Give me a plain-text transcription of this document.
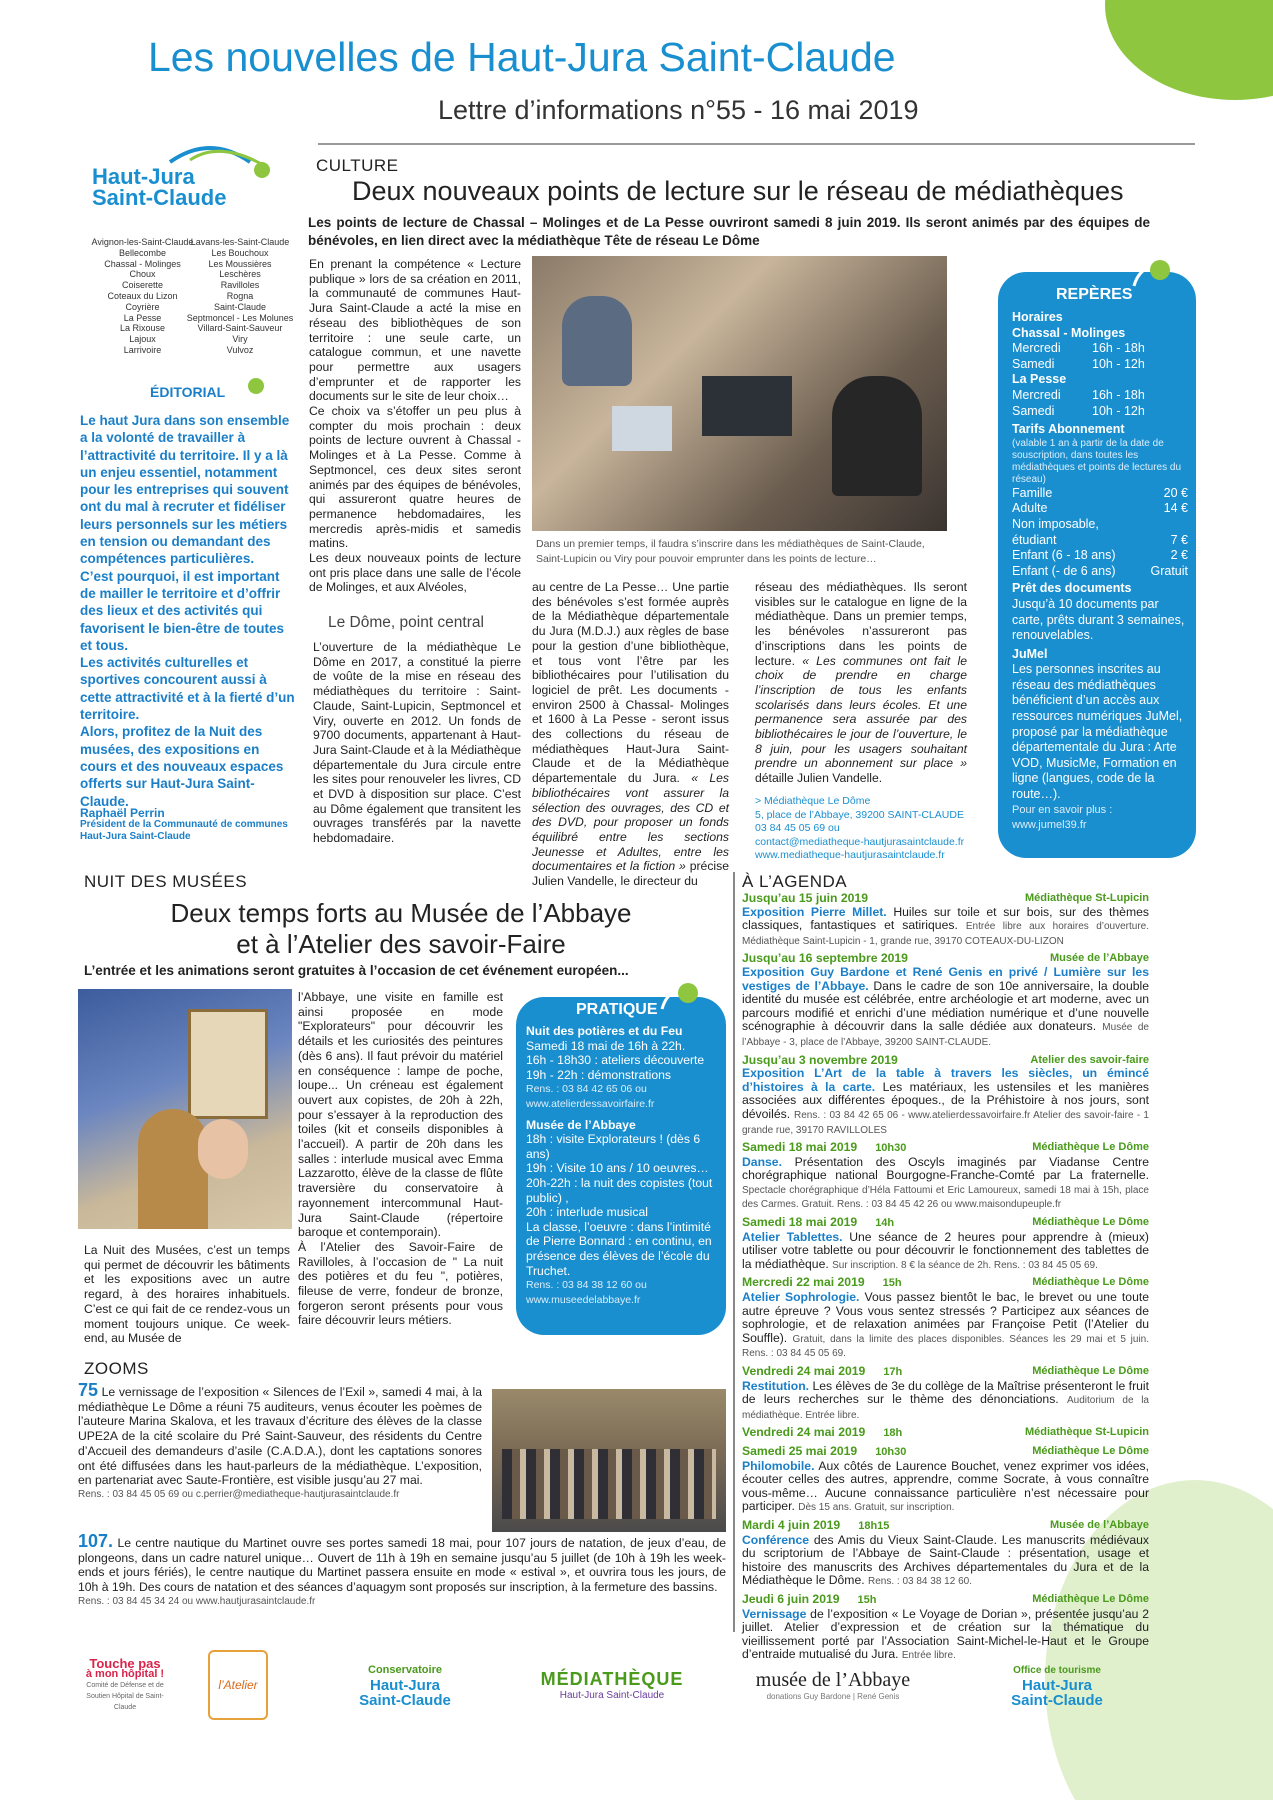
Les nouvelles de Haut-Jura Saint-Claude
Lettre d’informations n°55 - 16 mai 2019
Haut-Jura
Saint-Claude
Avignon-les-Saint-Claude
Bellecombe
Chassal - Molinges
Choux
Coiserette
Coteaux du Lizon
Coyrière
La Pesse
La Rixouse
Lajoux
Larrivoire
Lavans-les-Saint-Claude
Les Bouchoux
Les Moussières
Leschères
Ravilloles
Rogna
Saint-Claude
Septmoncel - Les Molunes
Villard-Saint-Sauveur
Viry
Vulvoz
ÉDITORIAL

Le haut Jura dans son ensemble a la volonté de travailler à l’attractivité du territoire. Il y a là un enjeu essentiel, notamment pour les entreprises qui souvent ont du mal à recruter et fidéliser leurs personnels sur les métiers en tension ou demandant des compétences particulières.

C’est pourquoi, il est important de mailler le territoire et d’offrir des lieux et des activités qui favorisent le bien-être de toutes et tous.

Les activités culturelles et sportives concourent aussi à cette attractivité et à la fierté d’un territoire.

Alors, profitez de la Nuit des musées, des expositions en cours et des nouveaux espaces offerts sur Haut-Jura Saint-Claude.

Raphaël Perrin
Président de la Communauté de communes Haut-Jura Saint-Claude
CULTURE
Deux nouveaux points de lecture sur le réseau de médiathèques
Les points de lecture de Chassal – Molinges et de La Pesse ouvriront samedi 8 juin 2019. Ils seront animés par des équipes de bénévoles, en lien direct avec la médiathèque Tête de réseau Le Dôme

En prenant la compétence « Lecture publique » lors de sa création en 2011, la communauté de communes Haut-Jura Saint-Claude a acté la mise en réseau des bibliothèques de son territoire : une seule carte, un catalogue commun, et une navette pour permettre aux usagers d’emprunter et de rapporter les documents sur le site de leur choix…

Ce choix va s’étoffer un peu plus à compter du mois prochain : deux points de lecture ouvrent à Chassal - Molinges et à La Pesse. Comme à Septmoncel, ces deux sites seront animés par des équipes de bénévoles, qui assureront quatre heures de permanence hebdomadaires, les mercredis après-midis et samedis matins.

Les deux nouveaux points de lecture ont pris place dans une salle de l’école de Molinges, et aux Alvéoles,

Le Dôme, point central
L’ouverture de la médiathèque Le Dôme en 2017, a constitué la pierre de voûte de la mise en réseau des médiathèques du territoire : Saint-Claude, Saint-Lupicin, Septmoncel et Viry, ouverte en 2012. Un fonds de 9700 documents, appartenant à Haut-Jura Saint-Claude et à la Médiathèque départementale du Jura circule entre les sites pour renouveler les livres, CD et DVD à disposition sur place. C’est au Dôme également que transitent les ouvrages transférés par la navette hebdomadaire.
Dans un premier temps, il faudra s’inscrire dans les médiathèques de Saint-Claude, Saint-Lupicin ou Viry pour pouvoir emprunter dans les points de lecture…
au centre de La Pesse… Une partie des bénévoles s’est formée auprès de la Médiathèque départementale du Jura (M.D.J.) aux règles de base pour la gestion d’une bibliothèque, et tous vont l’être par les bibliothécaires pour l’utilisation du logiciel de prêt. Les documents - environ 2500 à Chassal- Molinges et 1600 à La Pesse - seront issus des collections du réseau de médiathèques Haut-Jura Saint-Claude et de la Médiathèque départementale du Jura. « Les bibliothécaires vont assurer la sélection des ouvrages, des CD et des DVD, pour proposer un fonds équilibré entre les sections Jeunesse et Adultes, entre les documentaires et la fiction » précise Julien Vandelle, le directeur du
réseau des médiathèques. Ils seront visibles sur le catalogue en ligne de la médiathèque. Dans un premier temps, les bénévoles n’assureront pas d’inscriptions dans les points de lecture. « Les communes ont fait le choix de prendre en charge l’inscription de tous les enfants scolarisés dans leurs écoles. Et une permanence sera assurée par des bibliothécaires le jour de l’ouverture, le 8 juin, pour les usagers souhaitant prendre un abonnement sur place » détaille Julien Vandelle.
> Médiathèque Le Dôme
5, place de l’Abbaye, 39200 SAINT-CLAUDE
03 84 45 05 69 ou
contact@mediatheque-hautjurasaintclaude.fr
www.mediatheque-hautjurasaintclaude.fr
REPÈRES
Horaires
Chassal - Molinges
Mercredi	16h - 18h
Samedi	10h - 12h
La Pesse
Mercredi	16h - 18h
Samedi	10h - 12h
Tarifs Abonnement
(valable 1 an à partir de la date de souscription, dans toutes les médiathèques et points de lectures du réseau)
Famille	20 €
Adulte	14 €
Non imposable, étudiant	7 €
Enfant (6 - 18 ans)	2 €
Enfant (- de 6 ans)	Gratuit
Prêt des documents
Jusqu’à 10 documents par carte, prêts durant 3 semaines, renouvelables.
JuMel
Les personnes inscrites au réseau des médiathèques bénéficient d’un accès aux ressources numériques JuMel, proposé par la médiathèque départementale du Jura : Arte VOD, MusicMe, Formation en ligne (langues, code de la route…).
Pour en savoir plus :
www.jumel39.fr
NUIT DES MUSÉES
Deux temps forts au Musée de l’Abbaye
et à l’Atelier des savoir-Faire
L’entrée et les animations seront gratuites à l’occasion de cet événement européen...
La Nuit des Musées, c’est un temps qui permet de découvrir les bâtiments et les expositions avec un autre regard, à des horaires inhabituels. C’est ce qui fait de ce rendez-vous un moment toujours unique. Ce week-end, au Musée de

l’Abbaye, une visite en famille est ainsi proposée en mode "Explorateurs" pour découvrir les détails et les curiosités des peintures (dès 6 ans). Il faut prévoir du matériel en conséquence : lampe de poche, loupe... Un créneau est également ouvert aux copistes, de 20h à 22h, pour s’essayer à la reproduction des toiles (kit et conseils disponibles à l’accueil). A partir de 20h dans les salles : interlude musical avec Emma Lazzarotto, élève de la classe de flûte traversière du conservatoire à rayonnement intercommunal Haut-Jura Saint-Claude (répertoire baroque et contemporain).

À l’Atelier des Savoir-Faire de Ravilloles, à l’occasion de " La nuit des potières et du feu ", potières, fileuse de verre, fondeur de bronze, forgeron seront présents pour vous faire découvrir leurs métiers.

PRATIQUE
Nuit des potières et du Feu
Samedi 18 mai de 16h à 22h.
16h - 18h30 : ateliers découverte
19h - 22h : démonstrations
Rens. : 03 84 42 65 06 ou
www.atelierdessavoirfaire.fr
Musée de l’Abbaye
18h : visite Explorateurs ! (dès 6 ans)
19h : Visite 10 ans / 10 oeuvres…
20h-22h : la nuit des copistes (tout public) ,
20h : interlude musical
La classe, l’oeuvre : dans l’intimité de Pierre Bonnard : en continu, en présence des élèves de l’école du Truchet.
Rens. : 03 84 38 12 60 ou
www.museedelabbaye.fr
ZOOMS
75 Le vernissage de l’exposition « Silences de l’Exil », samedi 4 mai, à la médiathèque Le Dôme a réuni 75 auditeurs, venus écouter les poèmes de l’auteure Marina Skalova, et les travaux d’écriture des élèves de la classe UPE2A de la cité scolaire du Pré Saint-Sauveur, des résidents du Centre d’Accueil des demandeurs d’asile (C.A.D.A.), dont les captations sonores ont été diffusées dans les haut-parleurs de la médiathèque. L’exposition, en partenariat avec Saute-Frontière, est visible jusqu’au 27 mai.
Rens. : 03 84 45 05 69 ou c.perrier@mediatheque-hautjurasaintclaude.fr
107. Le centre nautique du Martinet ouvre ses portes samedi 18 mai, pour 107 jours de natation, de jeux d’eau, de plongeons, dans un cadre naturel unique… Ouvert de 11h à 19h en semaine jusqu’au 5 juillet (de 10h à 19h les week-ends et jours fériés), le centre nautique du Martinet passera ensuite en mode « estival », et ouvrira tous les jours, de 10h à 19h. Des cours de natation et des séances d’aquagym sont proposés sur inscription, à la fermeture des bassins.
Rens. : 03 84 45 34 24 ou www.hautjurasaintclaude.fr
À L’AGENDA
Jusqu’au 15 juin 2019	Médiathèque St-Lupicin
Exposition Pierre Millet. Huiles sur toile et sur bois, sur des thèmes classiques, fantastiques et satiriques. Entrée libre aux horaires d’ouverture. Médiathèque Saint-Lupicin - 1, grande rue, 39170 COTEAUX-DU-LIZON
Jusqu’au 16 septembre 2019	Musée de l’Abbaye
Exposition Guy Bardone et René Genis en privé / Lumière sur les vestiges de l’Abbaye. Dans le cadre de son 10e anniversaire, la double identité du musée est célébrée, entre archéologie et art moderne, avec un parcours modifié et enrichi d’une médiation numérique et d’une nouvelle scénographie à découvrir dans la salle dédiée aux donateurs. Musée de l’Abbaye - 3, place de l’Abbaye, 39200 SAINT-CLAUDE.
Jusqu’au 3 novembre 2019	Atelier des savoir-faire
Exposition L’Art de la table à travers les siècles, un émincé d’histoires à la carte. Les matériaux, les ustensiles et les manières associées aux différentes époques., de la Préhistoire à nos jours, sont dévoilés. Rens. : 03 84 42 65 06 - www.atelierdessavoirfaire.fr Atelier des savoir-faire - 1 grande rue, 39170 RAVILLOLES
Samedi 18 mai 2019 10h30	Médiathèque Le Dôme
Danse. Présentation des Oscyls imaginés par Viadanse Centre chorégraphique national Bourgogne-Franche-Comté par La fraternelle. Spectacle chorégraphique d’Héla Fattoumi et Eric Lamoureux, samedi 18 mai à 15h, place des Carmes. Gratuit. Rens. : 03 84 45 42 26 ou www.maisondupeuple.fr
Samedi 18 mai 2019 14h	Médiathèque Le Dôme
Atelier Tablettes. Une séance de 2 heures pour apprendre à (mieux) utiliser votre tablette ou pour découvrir le fonctionnement des tablettes de la médiathèque. Sur inscription. 8 € la séance de 2h. Rens. : 03 84 45 05 69.
Mercredi 22 mai 2019 15h	Médiathèque Le Dôme
Atelier Sophrologie. Vous passez bientôt le bac, le brevet ou une toute autre épreuve ? Vous vous sentez stressés ? Participez aux séances de sophrologie, et de relaxation animées par Françoise Petit (l’Atelier du Souffle). Gratuit, dans la limite des places disponibles. Séances les 29 mai et 5 juin. Rens. : 03 84 45 05 69.
Vendredi 24 mai 2019 17h	Médiathèque Le Dôme
Restitution. Les élèves de 3e du collège de la Maîtrise présenteront le fruit de leurs recherches sur le thème des dénonciations. Auditorium de la médiathèque. Entrée libre.
Vendredi 24 mai 2019 18h	Médiathèque St-Lupicin
Samedi 25 mai 2019 10h30	Médiathèque Le Dôme
Philomobile. Aux côtés de Laurence Bouchet, venez exprimer vos idées, écouter celles des autres, apprendre, comme Socrate, à vous connaître vous-même… Aucune connaissance particulière n’est nécessaire pour participer. Dès 15 ans. Gratuit, sur inscription.
Mardi 4 juin 2019 18h15	Musée de l’Abbaye
Conférence des Amis du Vieux Saint-Claude. Les manuscrits médiévaux du scriptorium de l’Abbaye de Saint-Claude : présentation, usage et histoire des manuscrits des Archives départementales du Jura et de la Médiathèque le Dôme. Rens. : 03 84 38 12 60.
Jeudi 6 juin 2019 15h	Médiathèque Le Dôme
Vernissage de l’exposition « Le Voyage de Dorian », présentée jusqu’au 2 juillet. Atelier d’expression et de création sur la thématique du vieillissement porté par l’Association Saint-Michel-le-Haut et le Groupe d’entraide mutualisé du Jura. Entrée libre.
Touche pas
à mon hôpital !
Comité de Défense et de Soutien Hôpital de Saint-Claude
l’Atelier
Conservatoire
Haut-Jura
Saint-Claude
MÉDIATHÈQUE
Haut-Jura Saint-Claude
musée de l’Abbaye
donations Guy Bardone | René Genis
Office de tourisme
Haut-Jura
Saint-Claude
